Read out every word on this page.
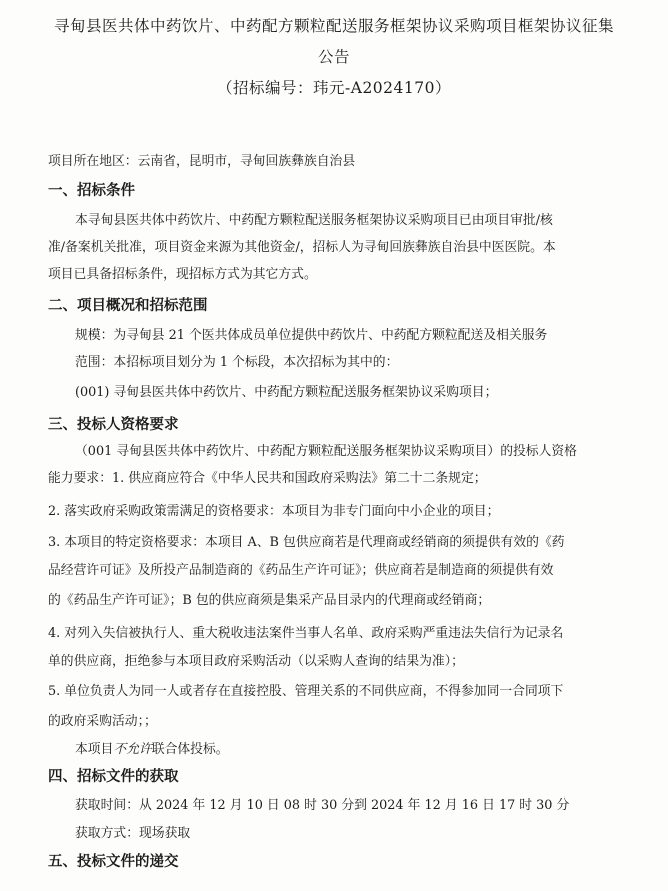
寻甸县医共体中药饮片、中药配方颗粒配送服务框架协议采购项目框架协议征集
公告
（招标编号：玮元-A2024170）
项目所在地区：云南省，昆明市，寻甸回族彝族自治县
一、招标条件
本寻甸县医共体中药饮片、中药配方颗粒配送服务框架协议采购项目已由项目审批/核
准/备案机关批准，项目资金来源为其他资金/，招标人为寻甸回族彝族自治县中医医院。本
项目已具备招标条件，现招标方式为其它方式。
二、项目概况和招标范围
规模：为寻甸县 21 个医共体成员单位提供中药饮片、中药配方颗粒配送及相关服务
范围：本招标项目划分为 1 个标段，本次招标为其中的：
(001) 寻甸县医共体中药饮片、中药配方颗粒配送服务框架协议采购项目；
三、投标人资格要求
（001 寻甸县医共体中药饮片、中药配方颗粒配送服务框架协议采购项目）的投标人资格
能力要求：1. 供应商应符合《中华人民共和国政府采购法》第二十二条规定；
2. 落实政府采购政策需满足的资格要求：本项目为非专门面向中小企业的项目；
3. 本项目的特定资格要求：本项目 A、B 包供应商若是代理商或经销商的须提供有效的《药
品经营许可证》及所投产品制造商的《药品生产许可证》；供应商若是制造商的须提供有效
的《药品生产许可证》；B 包的供应商须是集采产品目录内的代理商或经销商；
4. 对列入失信被执行人、重大税收违法案件当事人名单、政府采购严重违法失信行为记录名
单的供应商，拒绝参与本项目政府采购活动（以采购人查询的结果为准）；
5. 单位负责人为同一人或者存在直接控股、管理关系的不同供应商，不得参加同一合同项下
的政府采购活动；；
本项目不允许联合体投标。
四、招标文件的获取
获取时间：从 2024 年 12 月 10 日 08 时 30 分到 2024 年 12 月 16 日 17 时 30 分
获取方式：现场获取
五、投标文件的递交
